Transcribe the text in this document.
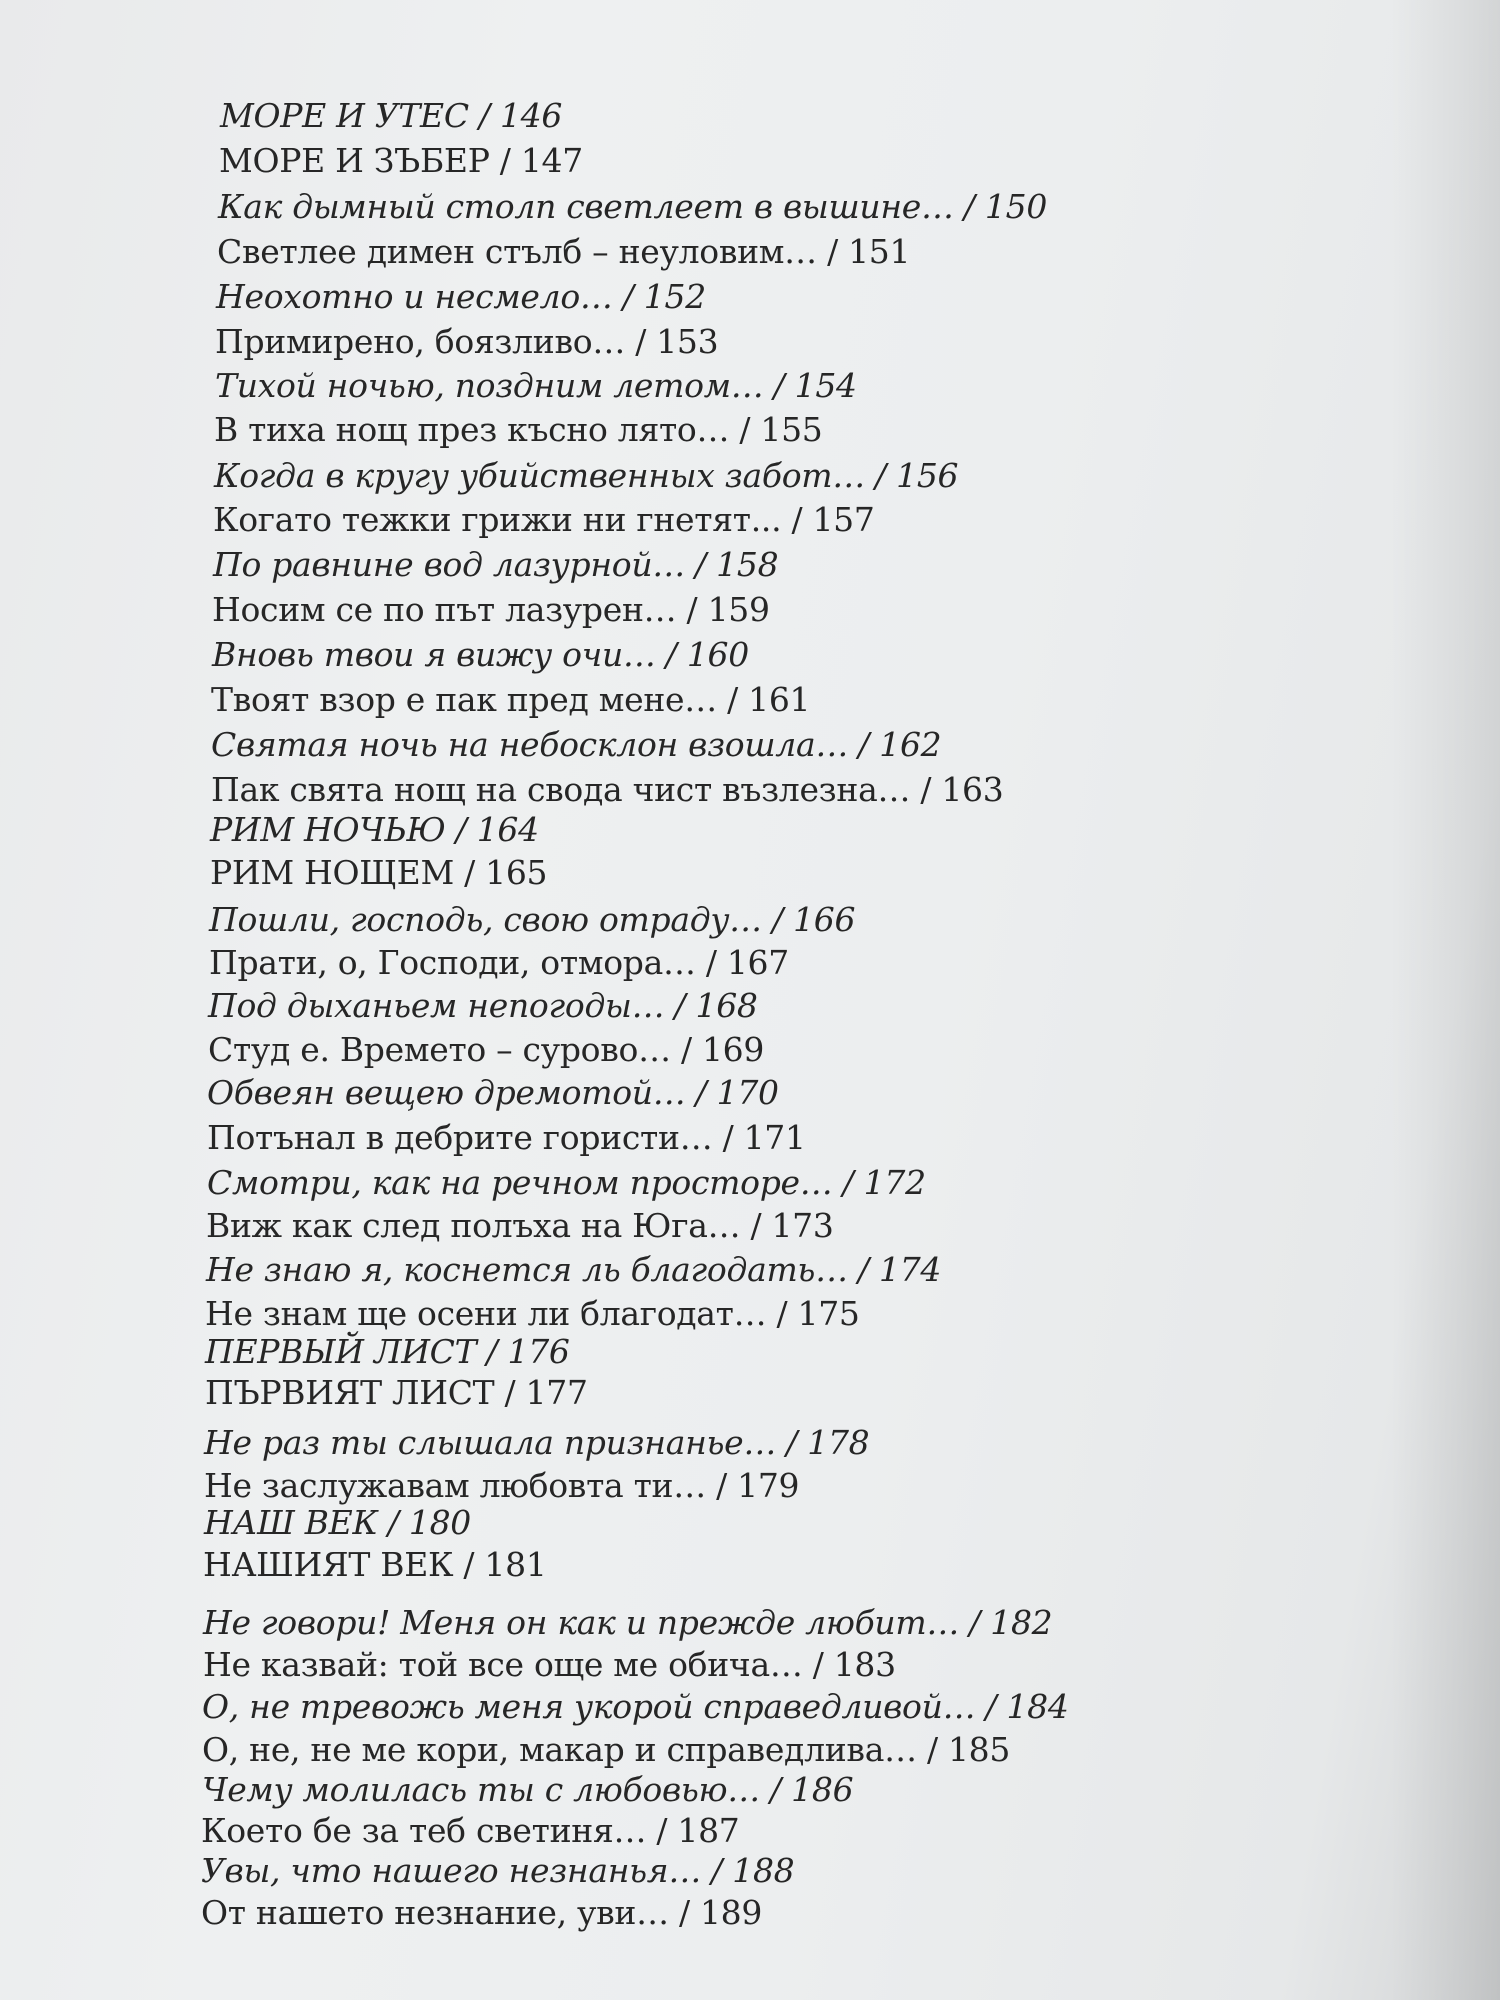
МОРЕ И УТЕС / 146
МОРЕ И ЗЪБЕР / 147
Как дымный столп светлеет в вышине… / 150
Светлее димен стълб – неуловим… / 151
Неохотно и несмело… / 152
Примирено, боязливо… / 153
Тихой ночью, поздним летом… / 154
В тиха нощ през късно лято… / 155
Когда в кругу убийственных забот… / 156
Когато тежки грижи ни гнетят... / 157
По равнине вод лазурной… / 158
Носим се по път лазурен… / 159
Вновь твои я вижу очи… / 160
Твоят взор е пак пред мене… / 161
Святая ночь на небосклон взошла… / 162
Пак свята нощ на свода чист възлезна… / 163
РИМ НОЧЬЮ / 164
РИМ НОЩЕМ / 165
Пошли, господь, свою отраду… / 166
Прати, о, Господи, отмора… / 167
Под дыханьем непогоды… / 168
Студ е. Времето – сурово… / 169
Обвеян вещею дремотой… / 170
Потънал в дебрите гористи… / 171
Смотри, как на речном просторе… / 172
Виж как след полъха на Юга… / 173
Не знаю я, коснется ль благодать… / 174
Не знам ще осени ли благодат… / 175
ПЕРВЫЙ ЛИСТ / 176
ПЪРВИЯТ ЛИСТ / 177
Не раз ты слышала признанье… / 178
Не заслужавам любовта ти… / 179
НАШ ВЕК / 180
НАШИЯТ ВЕК / 181
Не говори! Меня он как и прежде любит… / 182
Не казвай: той все още ме обича… / 183
О, не тревожь меня укорой справедливой… / 184
О, не, не ме кори, макар и справедлива… / 185
Чему молилась ты с любовью… / 186
Което бе за теб светиня… / 187
Увы, что нашего незнанья… / 188
От нашето незнание, уви… / 189
